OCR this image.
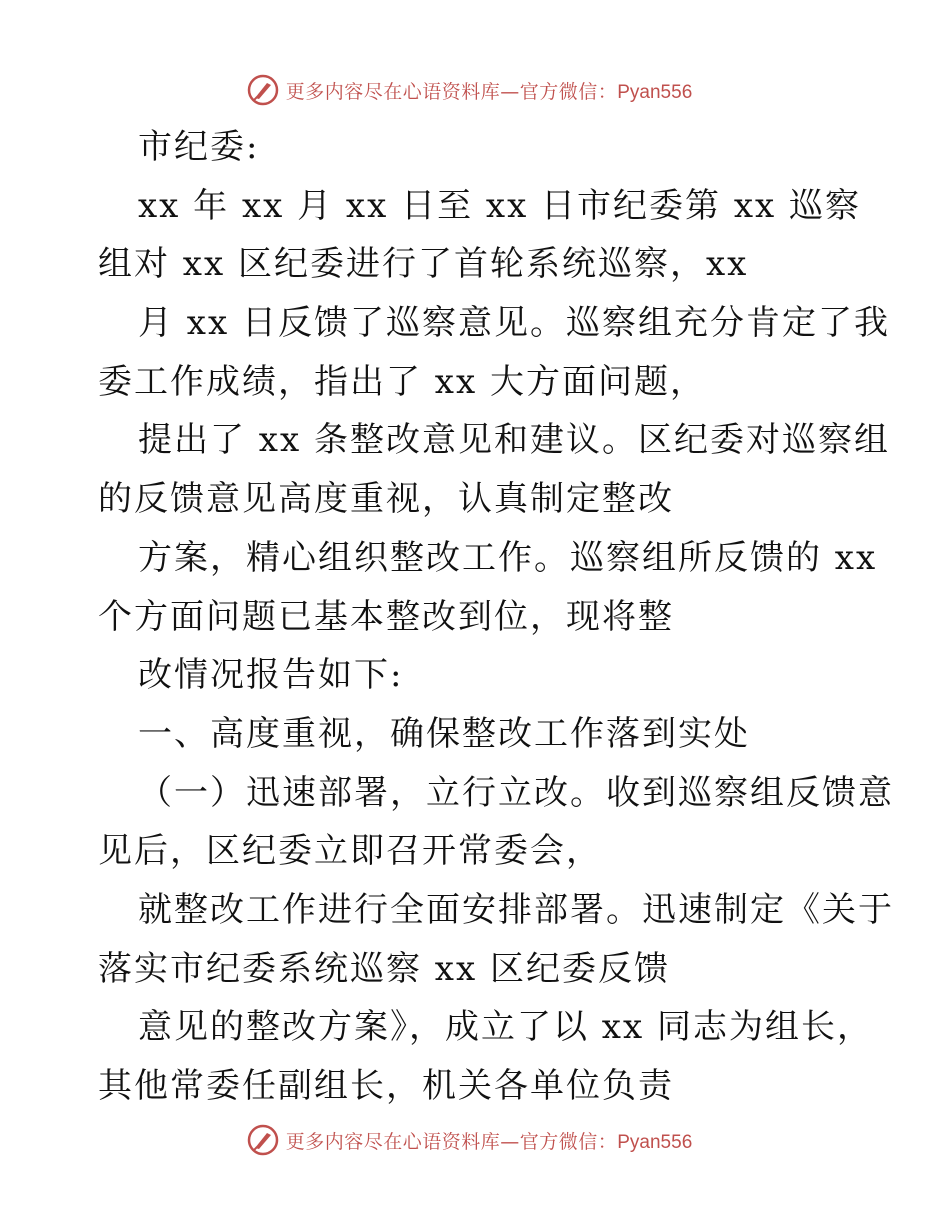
更多内容尽在心语资料库—官方微信：Pyan556
市纪委:
xx 年 xx 月 xx 日至 xx 日市纪委第 xx 巡察
组对 xx 区纪委进行了首轮系统巡察，xx
月 xx 日反馈了巡察意见。巡察组充分肯定了我
委工作成绩，指出了 xx 大方面问题，
提出了 xx 条整改意见和建议。区纪委对巡察组
的反馈意见高度重视，认真制定整改
方案，精心组织整改工作。巡察组所反馈的 xx
个方面问题已基本整改到位，现将整
改情况报告如下:
一、高度重视，确保整改工作落到实处
（一）迅速部署，立行立改。收到巡察组反馈意
见后，区纪委立即召开常委会，
就整改工作进行全面安排部署。迅速制定《关于
落实市纪委系统巡察 xx 区纪委反馈
意见的整改方案》，成立了以 xx 同志为组长，
其他常委任副组长，机关各单位负责
更多内容尽在心语资料库—官方微信：Pyan556
